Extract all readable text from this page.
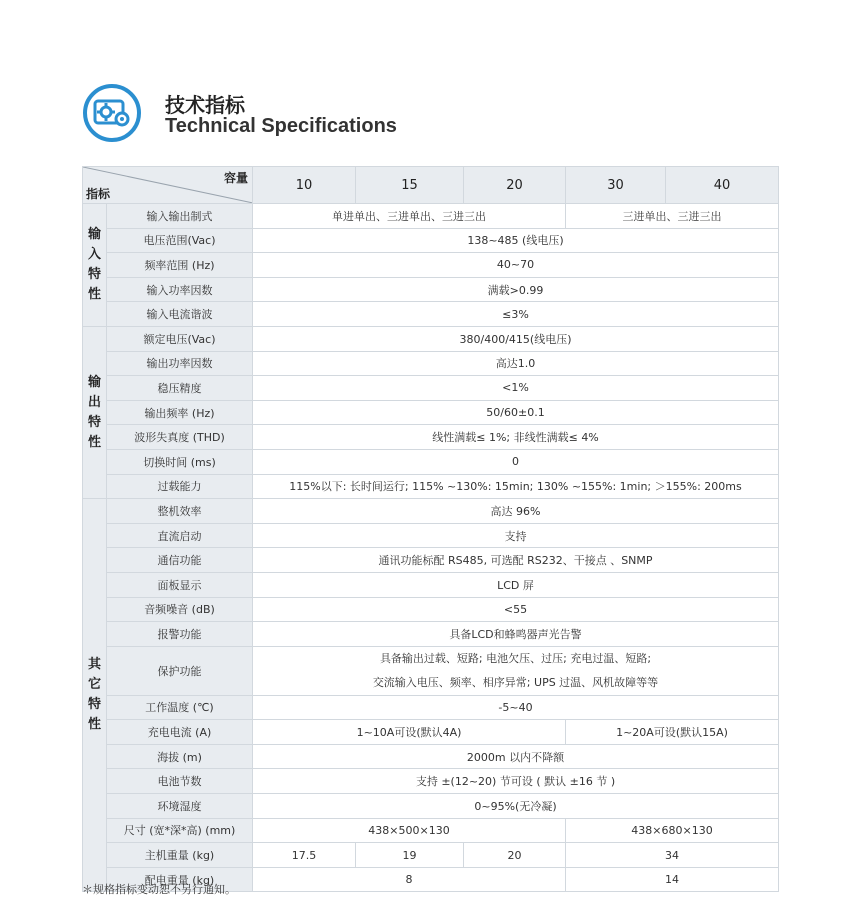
技术指标
Technical Specifications
容量
指标		10	15	20	30	40
输入特性	输入输出制式	单进单出、三进单出、三进三出			三进单出、三进三出	
	电压范围(Vac)	138~485 (线电压)				
	频率范围 (Hz)	40~70				
	输入功率因数	满载>0.99				
	输入电流谐波	≤3%				
输出特性	额定电压(Vac)	380/400/415(线电压)				
	输出功率因数	高达1.0				
	稳压精度	<1%				
	输出频率 (Hz)	50/60±0.1				
	波形失真度 (THD)	线性满载≤ 1%; 非线性满载≤ 4%				
	切换时间 (ms)	0				
	过载能力	115%以下: 长时间运行; 115% ~130%: 15min; 130% ~155%: 1min; ＞155%: 200ms				
其它特性	整机效率	高达 96%				
	直流启动	支持				
	通信功能	通讯功能标配 RS485, 可选配 RS232、干接点 、SNMP				
	面板显示	LCD 屏				
	音频噪音 (dB)	<55				
	报警功能	具备LCD和蜂鸣器声光告警				
	保护功能	具备输出过载、短路; 电池欠压、过压; 充电过温、短路;
交流输入电压、频率、相序异常; UPS 过温、风机故障等等				

	工作温度 (℃)	-5~40				
	充电电流 (A)	1~10A可设(默认4A)			1~20A可设(默认15A)	
	海拔 (m)	2000m 以内不降额				
	电池节数	支持 ±(12~20) 节可设 ( 默认 ±16 节 )				
	环境湿度	0~95%(无冷凝)				
	尺寸 (宽*深*高) (mm)	438×500×130			438×680×130	
	主机重量 (kg)	17.5	19	20	34	
	配电重量 (kg)	8			14	
＊规格指标变动恕不另行通知。
